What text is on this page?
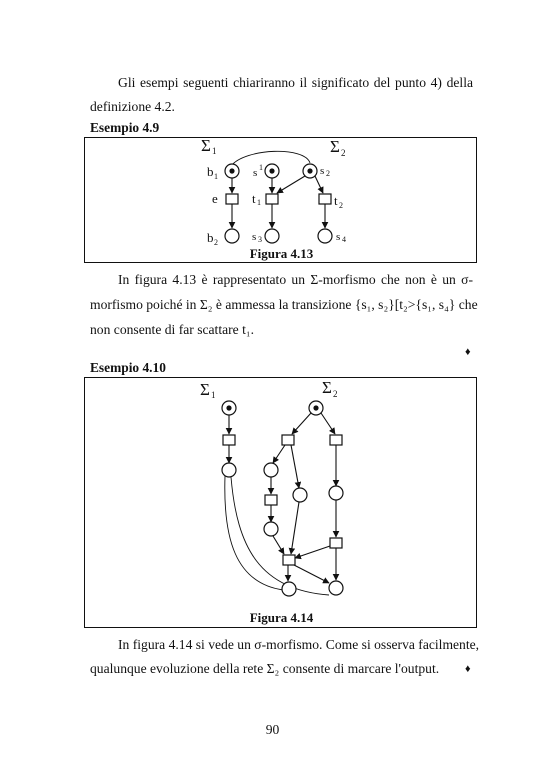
Gli esempi seguenti chiariranno il significato del punto 4) della

definizione 4.2.

Esempio 4.9

Σ 1	Σ 2
b 1	s 1	s 2
e	t 1	t 2
b 2	s 3	s 4
Figura 4.13

In figura 4.13 è rappresentato un Σ-morfismo che non è un σ-

morfismo poiché in Σ₂ è ammessa la transizione {s₁, s₂}[t₂>{s₁, s₄} che

non consente di far scattare t₁.

♦

Esempio 4.10

Σ 1	Σ 2
Figura 4.14

In figura 4.14 si vede un σ-morfismo. Come si osserva facilmente,

qualunque evoluzione della rete Σ₂ consente di marcare l'output. ♦

90
